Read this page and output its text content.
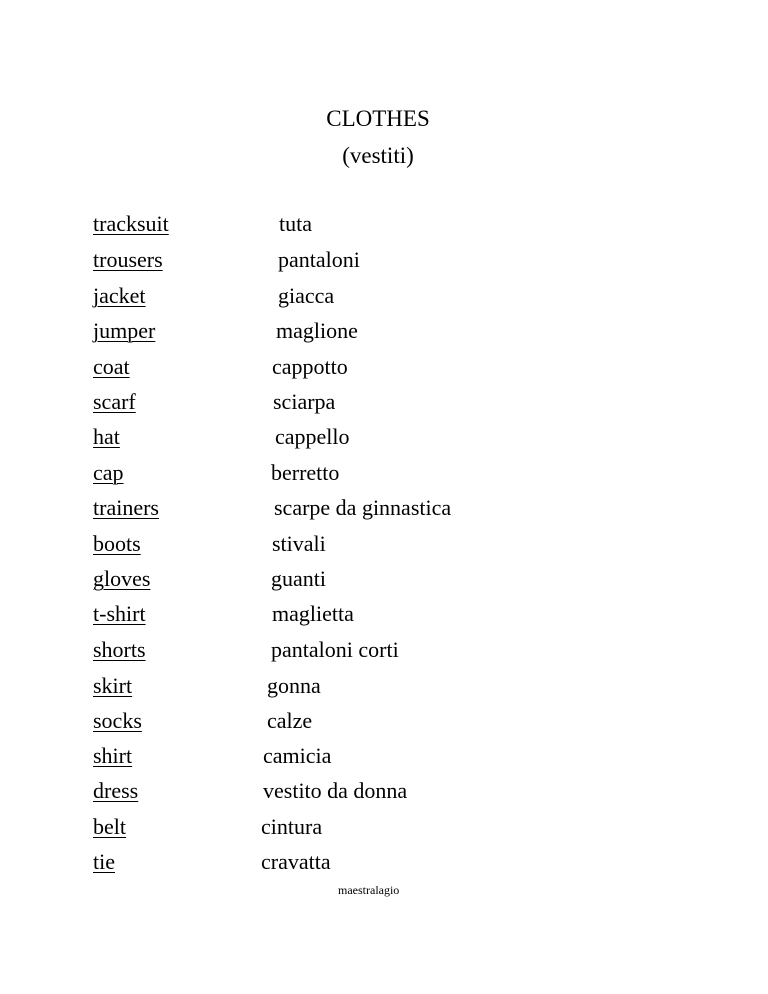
CLOTHES
(vestiti)
tracksuit	tuta
trousers	pantaloni
jacket	giacca
jumper	maglione
coat	cappotto
scarf	sciarpa
hat	cappello
cap	berretto
trainers	scarpe da ginnastica
boots	stivali
gloves	guanti
t-shirt	maglietta
shorts	pantaloni corti
skirt	gonna
socks	calze
shirt	camicia
dress	vestito da donna
belt	cintura
tie	cravatta
maestralagio
